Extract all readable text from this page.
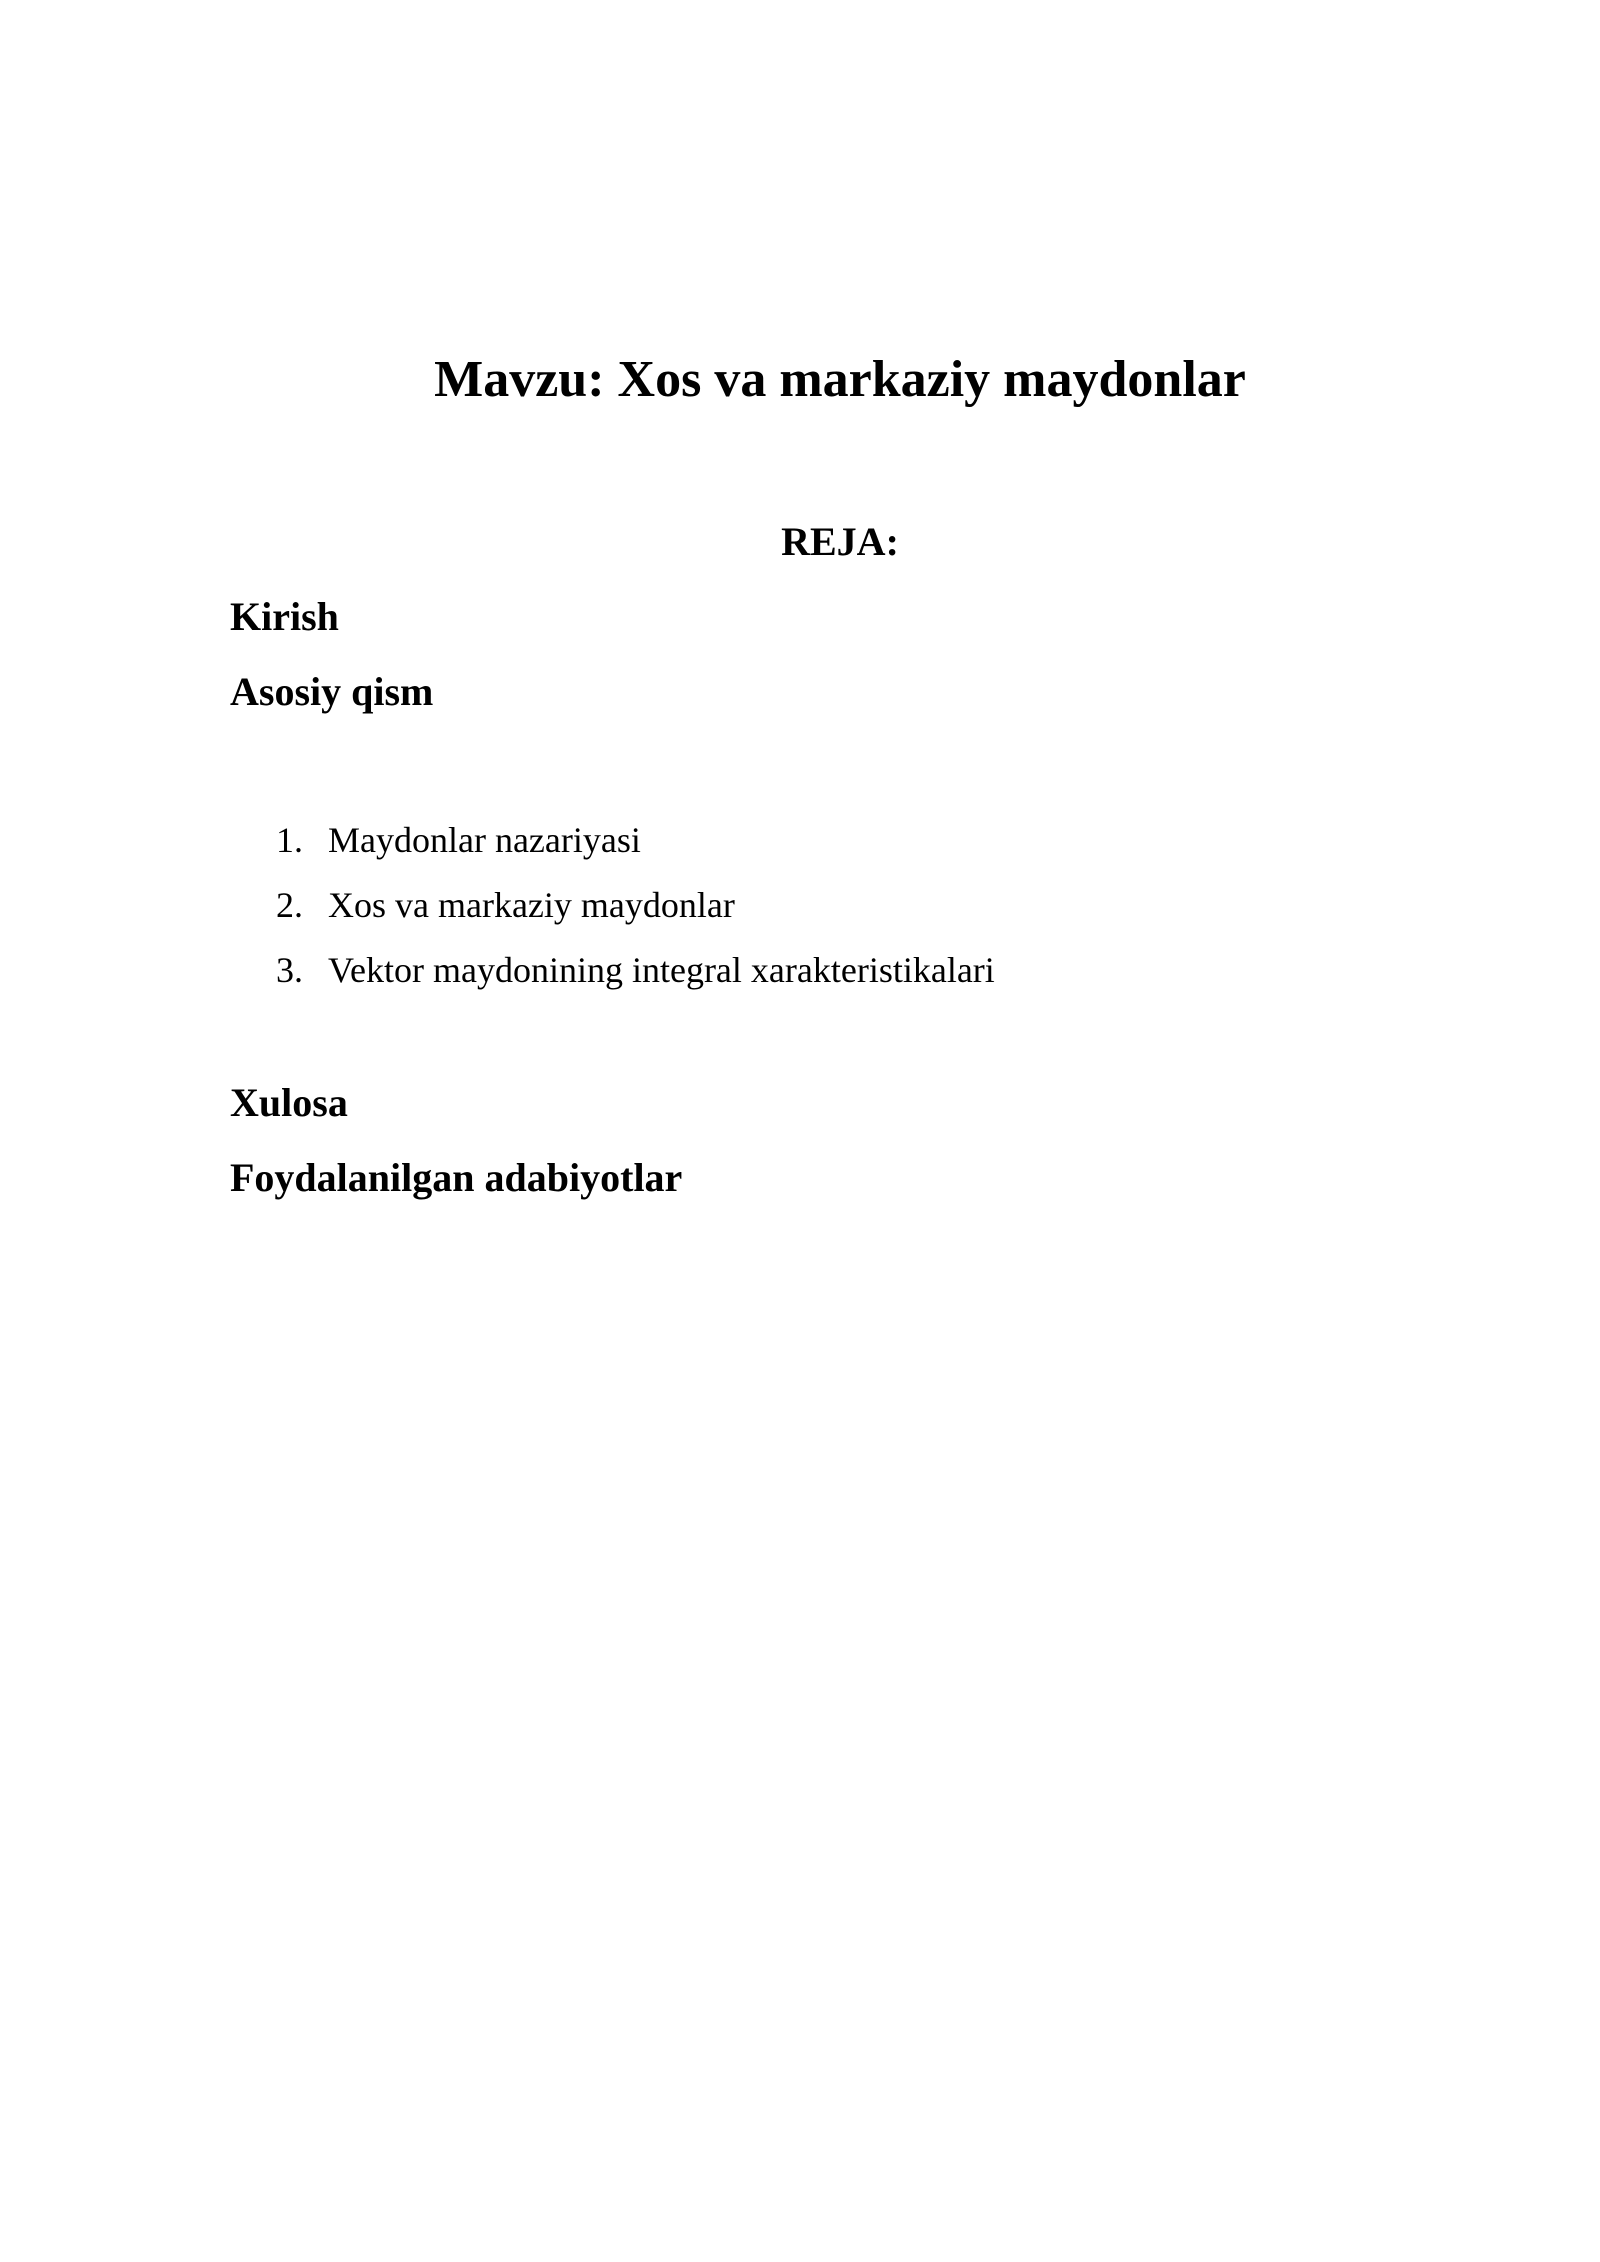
Mavzu: Xos va markaziy maydonlar
REJA:

Kirish

Asosiy qism

1. Maydonlar nazariyasi
2. Xos va markaziy maydonlar
3. Vektor maydonining integral xarakteristikalari

Xulosa

Foydalanilgan adabiyotlar
